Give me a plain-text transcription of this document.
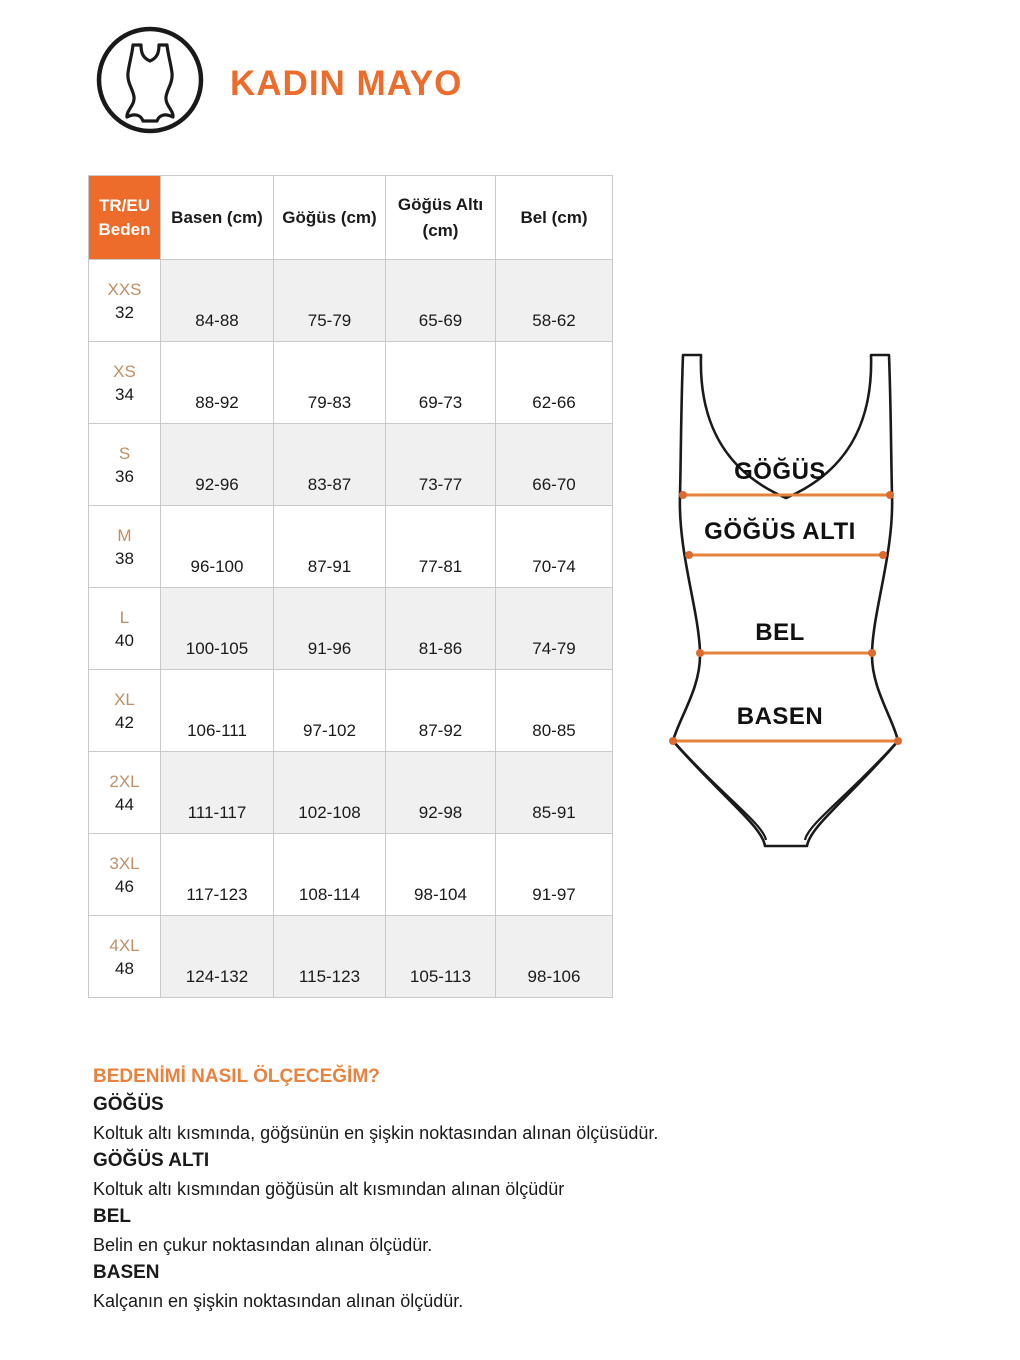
KADIN MAYO
TR/EU
Beden	Basen (cm)	Göğüs (cm)	Göğüs Altı (cm)	Bel (cm)

XXS
32	84-88	75-79	65-69	58-62

XS
34	88-92	79-83	69-73	62-66

S
36	92-96	83-87	73-77	66-70

M
38	96-100	87-91	77-81	70-74

L
40	100-105	91-96	81-86	74-79

XL
42	106-111	97-102	87-92	80-85

2XL
44	111-117	102-108	92-98	85-91

3XL
46	117-123	108-114	98-104	91-97

4XL
48	124-132	115-123	105-113	98-106
GÖĞÜS
GÖĞÜS ALTI
BEL
BASEN
BEDENİMİ NASIL ÖLÇECEĞİM?
GÖĞÜS
Koltuk altı kısmında, göğsünün en şişkin noktasından alınan ölçüsüdür.
GÖĞÜS ALTI
Koltuk altı kısmından göğüsün alt kısmından alınan ölçüdür
BEL
Belin en çukur noktasından alınan ölçüdür.
BASEN
Kalçanın en şişkin noktasından alınan ölçüdür.
